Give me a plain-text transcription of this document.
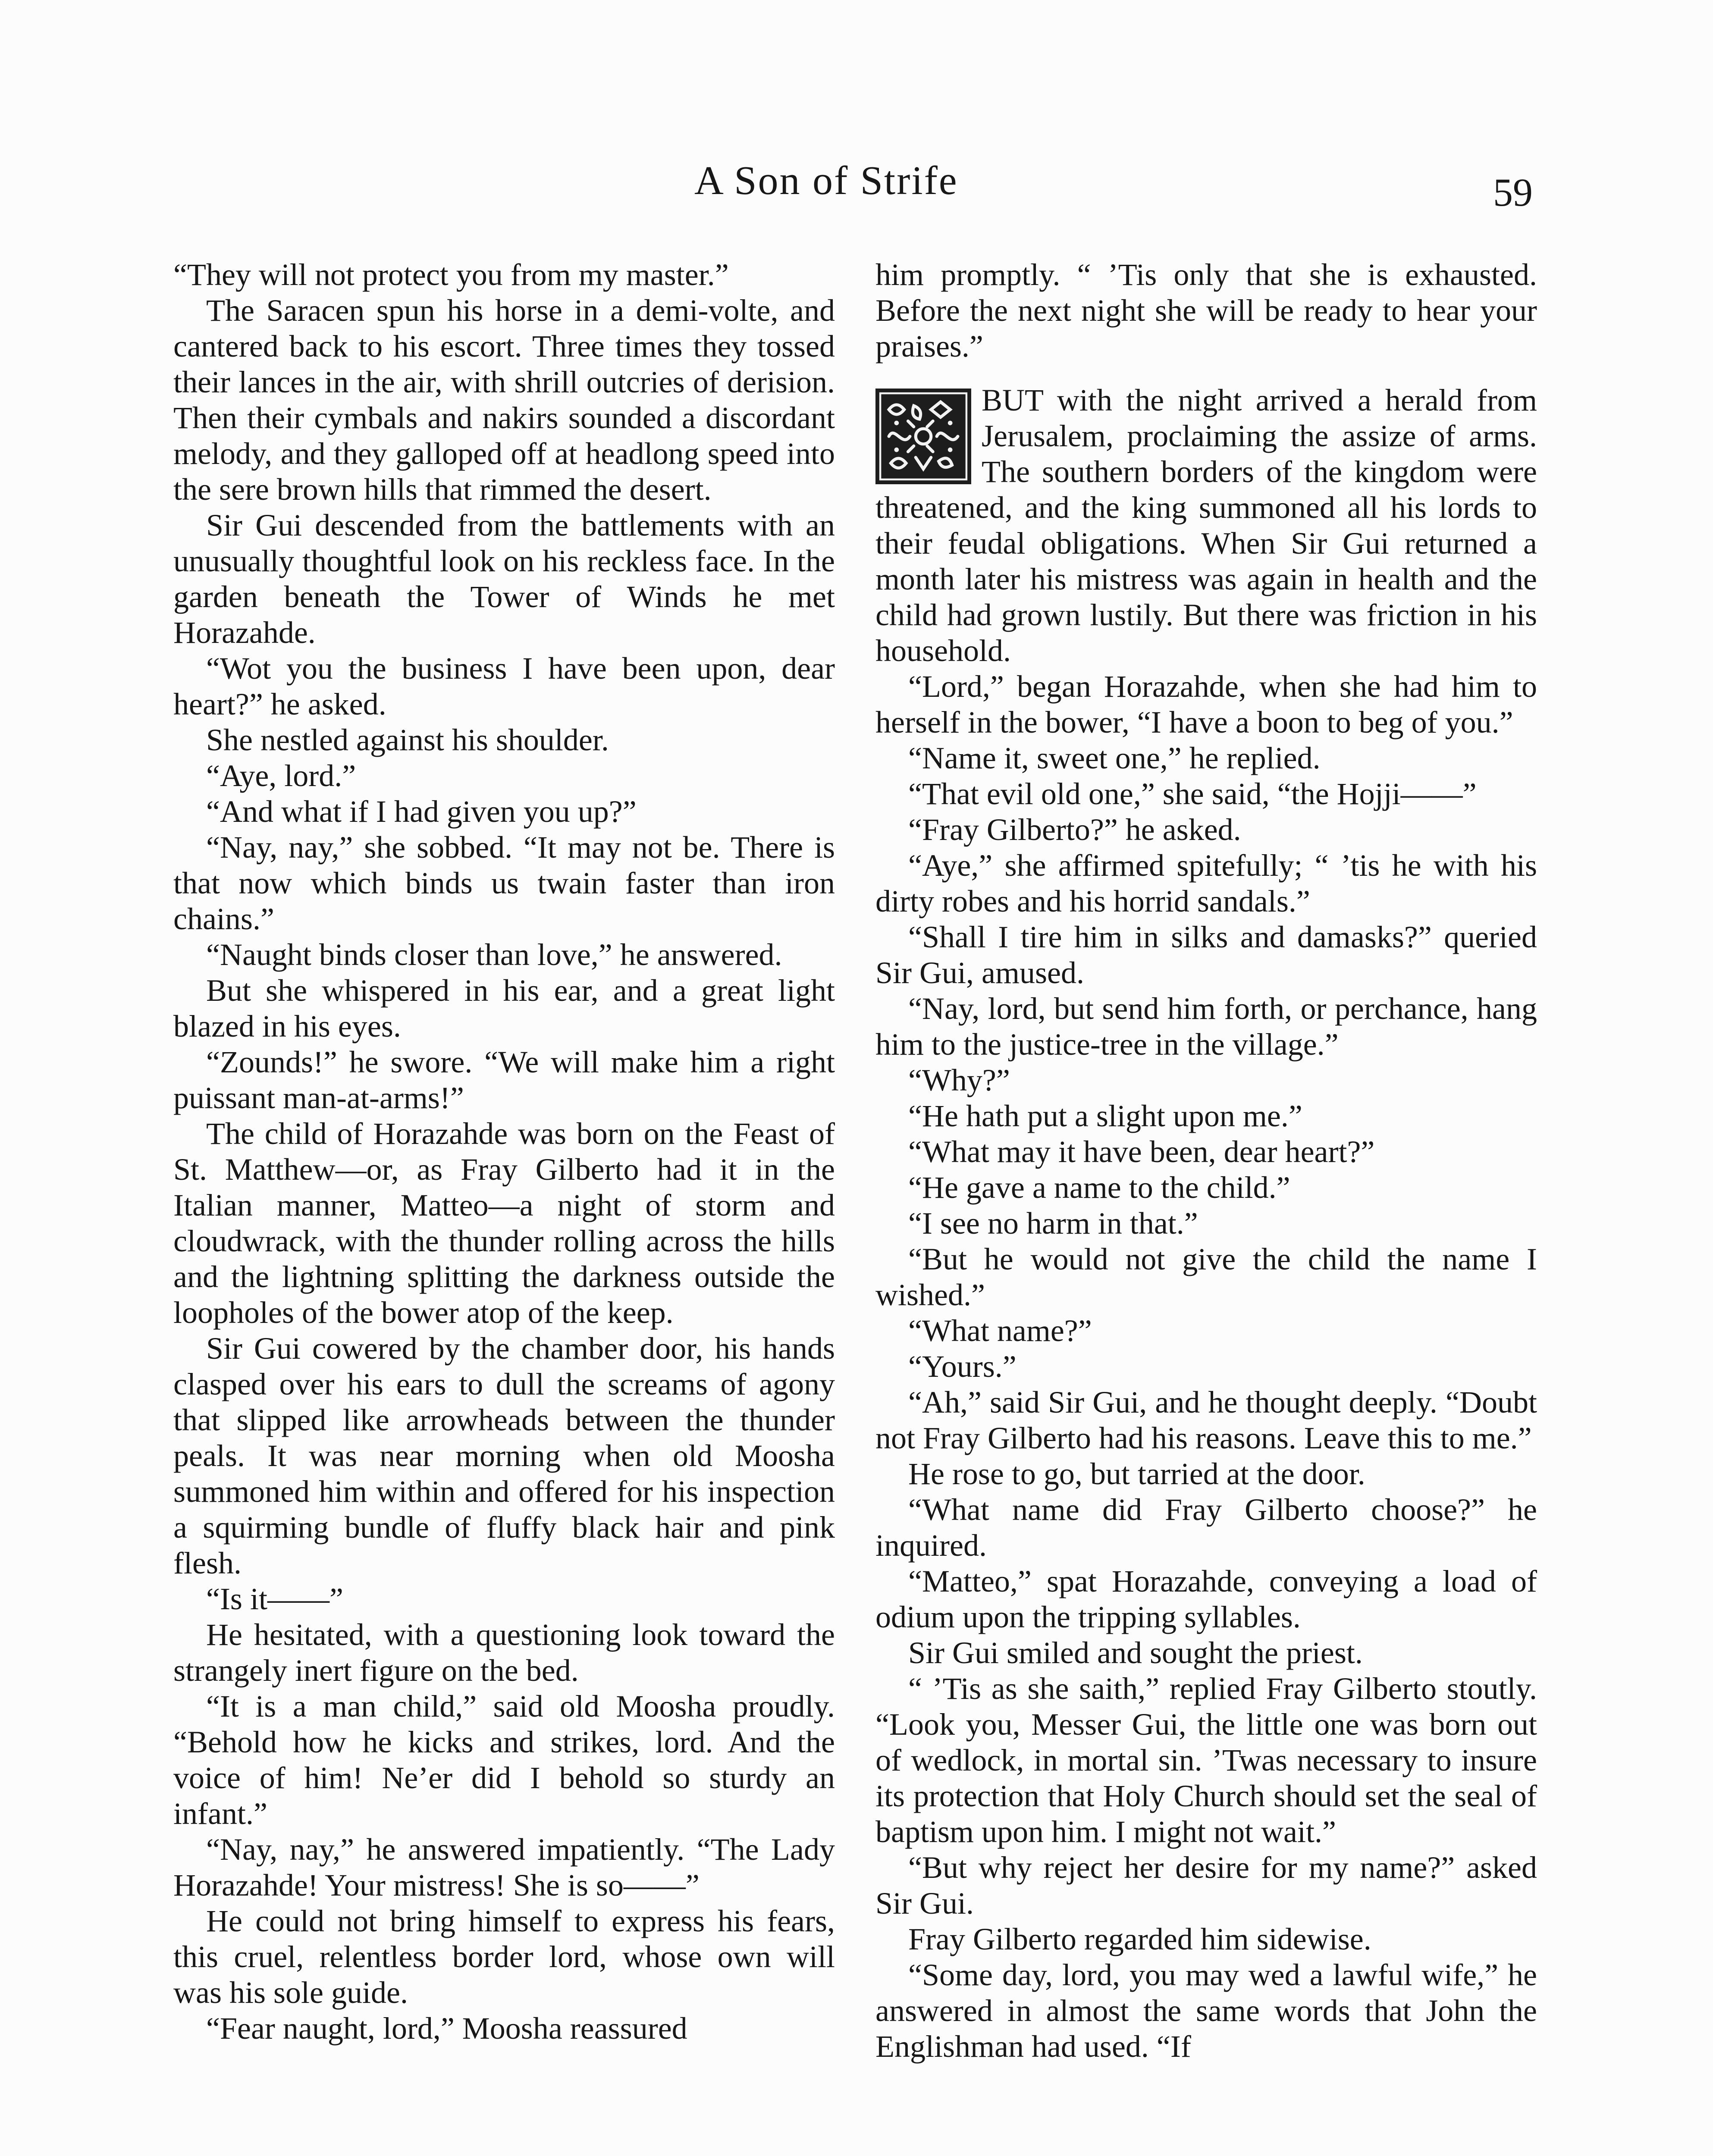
A Son of Strife	59

“They will not protect you from my master.”

The Saracen spun his horse in a demi-volte, and cantered back to his escort. Three times they tossed their lances in the air, with shrill outcries of derision. Then their cymbals and nakirs sounded a discordant melody, and they galloped off at headlong speed into the sere brown hills that rimmed the desert.

Sir Gui descended from the battlements with an unusually thoughtful look on his reckless face. In the garden beneath the Tower of Winds he met Horazahde.

“Wot you the business I have been upon, dear heart?” he asked.

She nestled against his shoulder.

“Aye, lord.”

“And what if I had given you up?”

“Nay, nay,” she sobbed. “It may not be. There is that now which binds us twain faster than iron chains.”

“Naught binds closer than love,” he answered.

But she whispered in his ear, and a great light blazed in his eyes.

“Zounds!” he swore. “We will make him a right puissant man-at-arms!”

The child of Horazahde was born on the Feast of St. Matthew—or, as Fray Gilberto had it in the Italian manner, Matteo—a night of storm and cloudwrack, with the thunder rolling across the hills and the lightning splitting the darkness outside the loopholes of the bower atop of the keep.

Sir Gui cowered by the chamber door, his hands clasped over his ears to dull the screams of agony that slipped like arrowheads between the thunder peals. It was near morning when old Moosha summoned him within and offered for his inspection a squirming bundle of fluffy black hair and pink flesh.

“Is it——”

He hesitated, with a questioning look toward the strangely inert figure on the bed.

“It is a man child,” said old Moosha proudly. “Behold how he kicks and strikes, lord. And the voice of him! Ne’er did I behold so sturdy an infant.”

“Nay, nay,” he answered impatiently. “The Lady Horazahde! Your mistress! She is so——”

He could not bring himself to express his fears, this cruel, relentless border lord, whose own will was his sole guide.

“Fear naught, lord,” Moosha reassured

him promptly. “ ’Tis only that she is exhausted. Before the next night she will be ready to hear your praises.”

BUT with the night arrived a herald from Jerusalem, proclaiming the assize of arms. The southern borders of the kingdom were threatened, and the king summoned all his lords to their feudal obligations. When Sir Gui returned a month later his mistress was again in health and the child had grown lustily. But there was friction in his household.

“Lord,” began Horazahde, when she had him to herself in the bower, “I have a boon to beg of you.”

“Name it, sweet one,” he replied.

“That evil old one,” she said, “the Hojji——”

“Fray Gilberto?” he asked.

“Aye,” she affirmed spitefully; “ ’tis he with his dirty robes and his horrid sandals.”

“Shall I tire him in silks and damasks?” queried Sir Gui, amused.

“Nay, lord, but send him forth, or perchance, hang him to the justice-tree in the village.”

“Why?”

“He hath put a slight upon me.”

“What may it have been, dear heart?”

“He gave a name to the child.”

“I see no harm in that.”

“But he would not give the child the name I wished.”

“What name?”

“Yours.”

“Ah,” said Sir Gui, and he thought deeply. “Doubt not Fray Gilberto had his reasons. Leave this to me.”

He rose to go, but tarried at the door.

“What name did Fray Gilberto choose?” he inquired.

“Matteo,” spat Horazahde, conveying a load of odium upon the tripping syllables.

Sir Gui smiled and sought the priest.

“ ’Tis as she saith,” replied Fray Gilberto stoutly. “Look you, Messer Gui, the little one was born out of wedlock, in mortal sin. ’Twas necessary to insure its protection that Holy Church should set the seal of baptism upon him. I might not wait.”

“But why reject her desire for my name?” asked Sir Gui.

Fray Gilberto regarded him sidewise.

“Some day, lord, you may wed a lawful wife,” he answered in almost the same words that John the Englishman had used. “If
